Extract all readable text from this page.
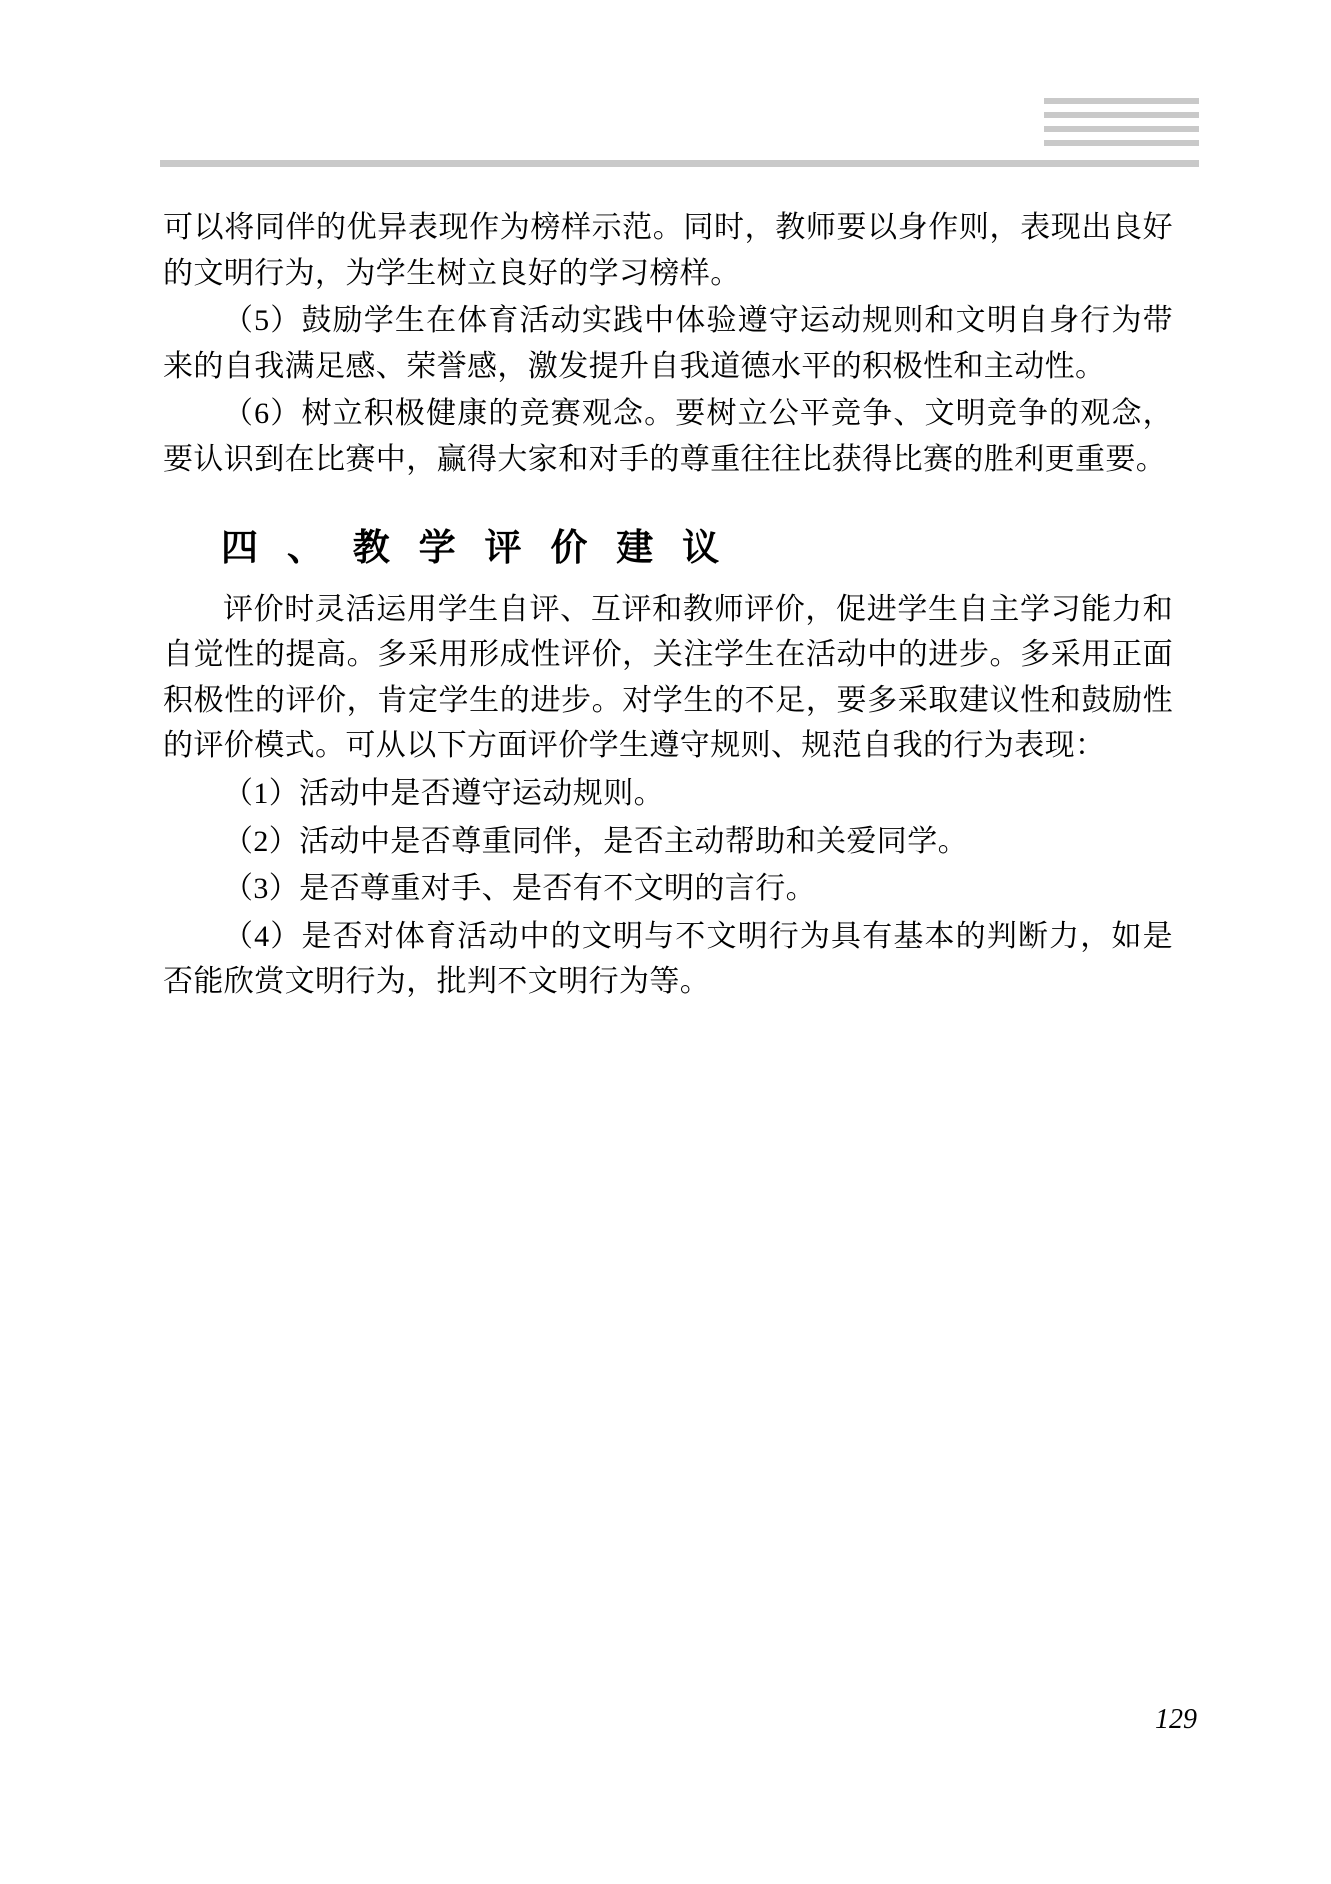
可以将同伴的优异表现作为榜样示范。同时，教师要以身作则，表现出良好的文明行为，为学生树立良好的学习榜样。

（5）鼓励学生在体育活动实践中体验遵守运动规则和文明自身行为带来的自我满足感、荣誉感，激发提升自我道德水平的积极性和主动性。

（6）树立积极健康的竞赛观念。要树立公平竞争、文明竞争的观念，要认识到在比赛中，赢得大家和对手的尊重往往比获得比赛的胜利更重要。

四 、 教 学 评 价 建 议

评价时灵活运用学生自评、互评和教师评价，促进学生自主学习能力和自觉性的提高。多采用形成性评价，关注学生在活动中的进步。多采用正面积极性的评价，肯定学生的进步。对学生的不足，要多采取建议性和鼓励性的评价模式。可从以下方面评价学生遵守规则、规范自我的行为表现：

（1）活动中是否遵守运动规则。

（2）活动中是否尊重同伴，是否主动帮助和关爱同学。

（3）是否尊重对手、是否有不文明的言行。

（4）是否对体育活动中的文明与不文明行为具有基本的判断力，如是否能欣赏文明行为，批判不文明行为等。

129
